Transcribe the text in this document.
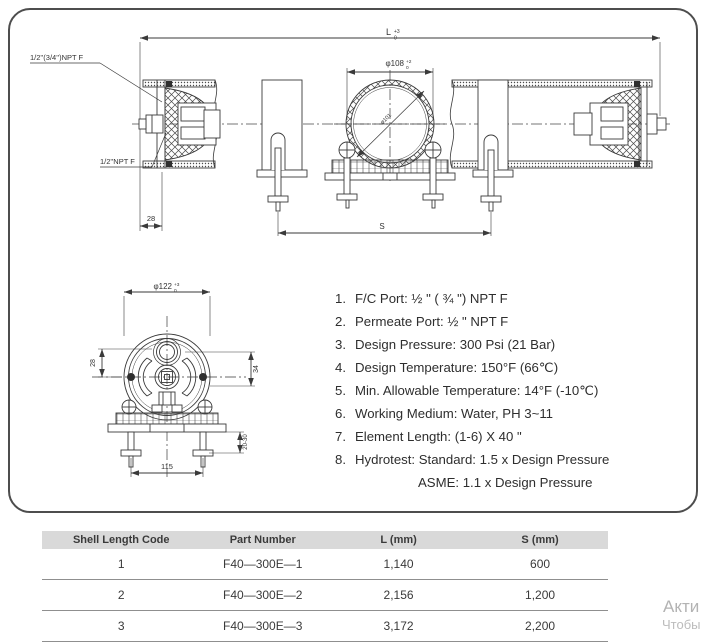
L +3
0
1/2''(3/4'')NPT F
1/2''NPT F
28
φ108 +2
0
φ101
S
φ122 +3
0
28
34
20-30
115
1. F/C Port: ½ " ( ¾ ") NPT F
2. Permeate Port: ½ " NPT F
3. Design Pressure: 300 Psi (21 Bar)
4. Design Temperature: 150°F (66℃)
5. Min. Allowable Temperature: 14°F (-10℃)
6. Working Medium: Water, PH 3~11
7. Element Length: (1-6) X 40 "
8. Hydrotest: Standard: 1.5 x Design Pressure
ASME: 1.1 x Design Pressure
Shell Length Code	Part Number	L (mm)	S (mm)
1	F40—300E—1	1,140	600
2	F40—300E—2	2,156	1,200
3	F40—300E—3	3,172	2,200
Акти
Чтобы
